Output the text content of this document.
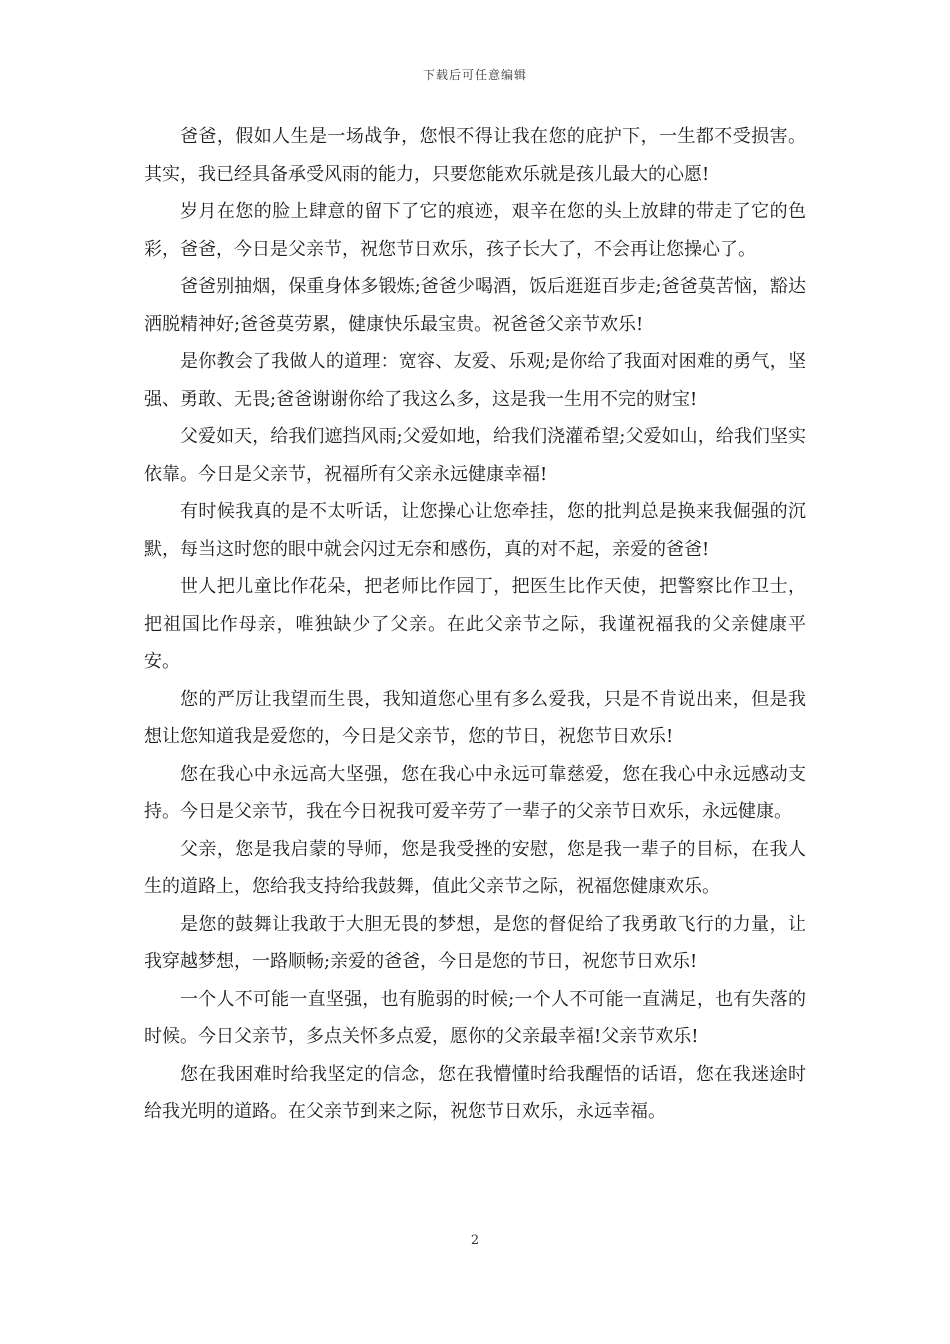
下载后可任意编辑

爸爸，假如人生是一场战争，您恨不得让我在您的庇护下，一生都不受损害。其实，我已经具备承受风雨的能力，只要您能欢乐就是孩儿最大的心愿!

岁月在您的脸上肆意的留下了它的痕迹，艰辛在您的头上放肆的带走了它的色彩，爸爸，今日是父亲节，祝您节日欢乐，孩子长大了，不会再让您操心了。

爸爸别抽烟，保重身体多锻炼;爸爸少喝酒，饭后逛逛百步走;爸爸莫苦恼，豁达洒脱精神好;爸爸莫劳累，健康快乐最宝贵。祝爸爸父亲节欢乐!

是你教会了我做人的道理：宽容、友爱、乐观;是你给了我面对困难的勇气，坚强、勇敢、无畏;爸爸谢谢你给了我这么多，这是我一生用不完的财宝!

父爱如天，给我们遮挡风雨;父爱如地，给我们浇灌希望;父爱如山，给我们坚实依靠。今日是父亲节，祝福所有父亲永远健康幸福!

有时候我真的是不太听话，让您操心让您牵挂，您的批判总是换来我倔强的沉默，每当这时您的眼中就会闪过无奈和感伤，真的对不起，亲爱的爸爸!

世人把儿童比作花朵，把老师比作园丁，把医生比作天使，把警察比作卫士，把祖国比作母亲，唯独缺少了父亲。在此父亲节之际，我谨祝福我的父亲健康平安。

您的严厉让我望而生畏，我知道您心里有多么爱我，只是不肯说出来，但是我想让您知道我是爱您的，今日是父亲节，您的节日，祝您节日欢乐!

您在我心中永远高大坚强，您在我心中永远可靠慈爱，您在我心中永远感动支持。今日是父亲节，我在今日祝我可爱辛劳了一辈子的父亲节日欢乐，永远健康。

父亲，您是我启蒙的导师，您是我受挫的安慰，您是我一辈子的目标，在我人生的道路上，您给我支持给我鼓舞，值此父亲节之际，祝福您健康欢乐。

是您的鼓舞让我敢于大胆无畏的梦想，是您的督促给了我勇敢飞行的力量，让我穿越梦想，一路顺畅;亲爱的爸爸，今日是您的节日，祝您节日欢乐!

一个人不可能一直坚强，也有脆弱的时候;一个人不可能一直满足，也有失落的时候。今日父亲节，多点关怀多点爱，愿你的父亲最幸福!父亲节欢乐!

您在我困难时给我坚定的信念，您在我懵懂时给我醒悟的话语，您在我迷途时给我光明的道路。在父亲节到来之际，祝您节日欢乐，永远幸福。

2
